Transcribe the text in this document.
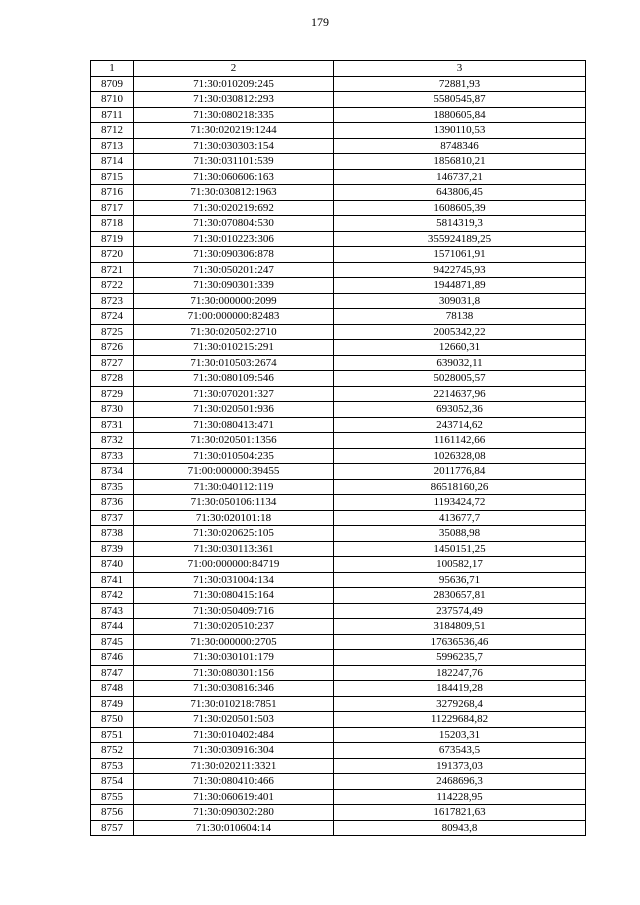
179
1	2	3
8709	71:30:010209:245	72881,93
8710	71:30:030812:293	5580545,87
8711	71:30:080218:335	1880605,84
8712	71:30:020219:1244	1390110,53
8713	71:30:030303:154	8748346
8714	71:30:031101:539	1856810,21
8715	71:30:060606:163	146737,21
8716	71:30:030812:1963	643806,45
8717	71:30:020219:692	1608605,39
8718	71:30:070804:530	5814319,3
8719	71:30:010223:306	355924189,25
8720	71:30:090306:878	1571061,91
8721	71:30:050201:247	9422745,93
8722	71:30:090301:339	1944871,89
8723	71:30:000000:2099	309031,8
8724	71:00:000000:82483	78138
8725	71:30:020502:2710	2005342,22
8726	71:30:010215:291	12660,31
8727	71:30:010503:2674	639032,11
8728	71:30:080109:546	5028005,57
8729	71:30:070201:327	2214637,96
8730	71:30:020501:936	693052,36
8731	71:30:080413:471	243714,62
8732	71:30:020501:1356	1161142,66
8733	71:30:010504:235	1026328,08
8734	71:00:000000:39455	2011776,84
8735	71:30:040112:119	86518160,26
8736	71:30:050106:1134	1193424,72
8737	71:30:020101:18	413677,7
8738	71:30:020625:105	35088,98
8739	71:30:030113:361	1450151,25
8740	71:00:000000:84719	100582,17
8741	71:30:031004:134	95636,71
8742	71:30:080415:164	2830657,81
8743	71:30:050409:716	237574,49
8744	71:30:020510:237	3184809,51
8745	71:30:000000:2705	17636536,46
8746	71:30:030101:179	5996235,7
8747	71:30:080301:156	182247,76
8748	71:30:030816:346	184419,28
8749	71:30:010218:7851	3279268,4
8750	71:30:020501:503	11229684,82
8751	71:30:010402:484	15203,31
8752	71:30:030916:304	673543,5
8753	71:30:020211:3321	191373,03
8754	71:30:080410:466	2468696,3
8755	71:30:060619:401	114228,95
8756	71:30:090302:280	1617821,63
8757	71:30:010604:14	80943,8
